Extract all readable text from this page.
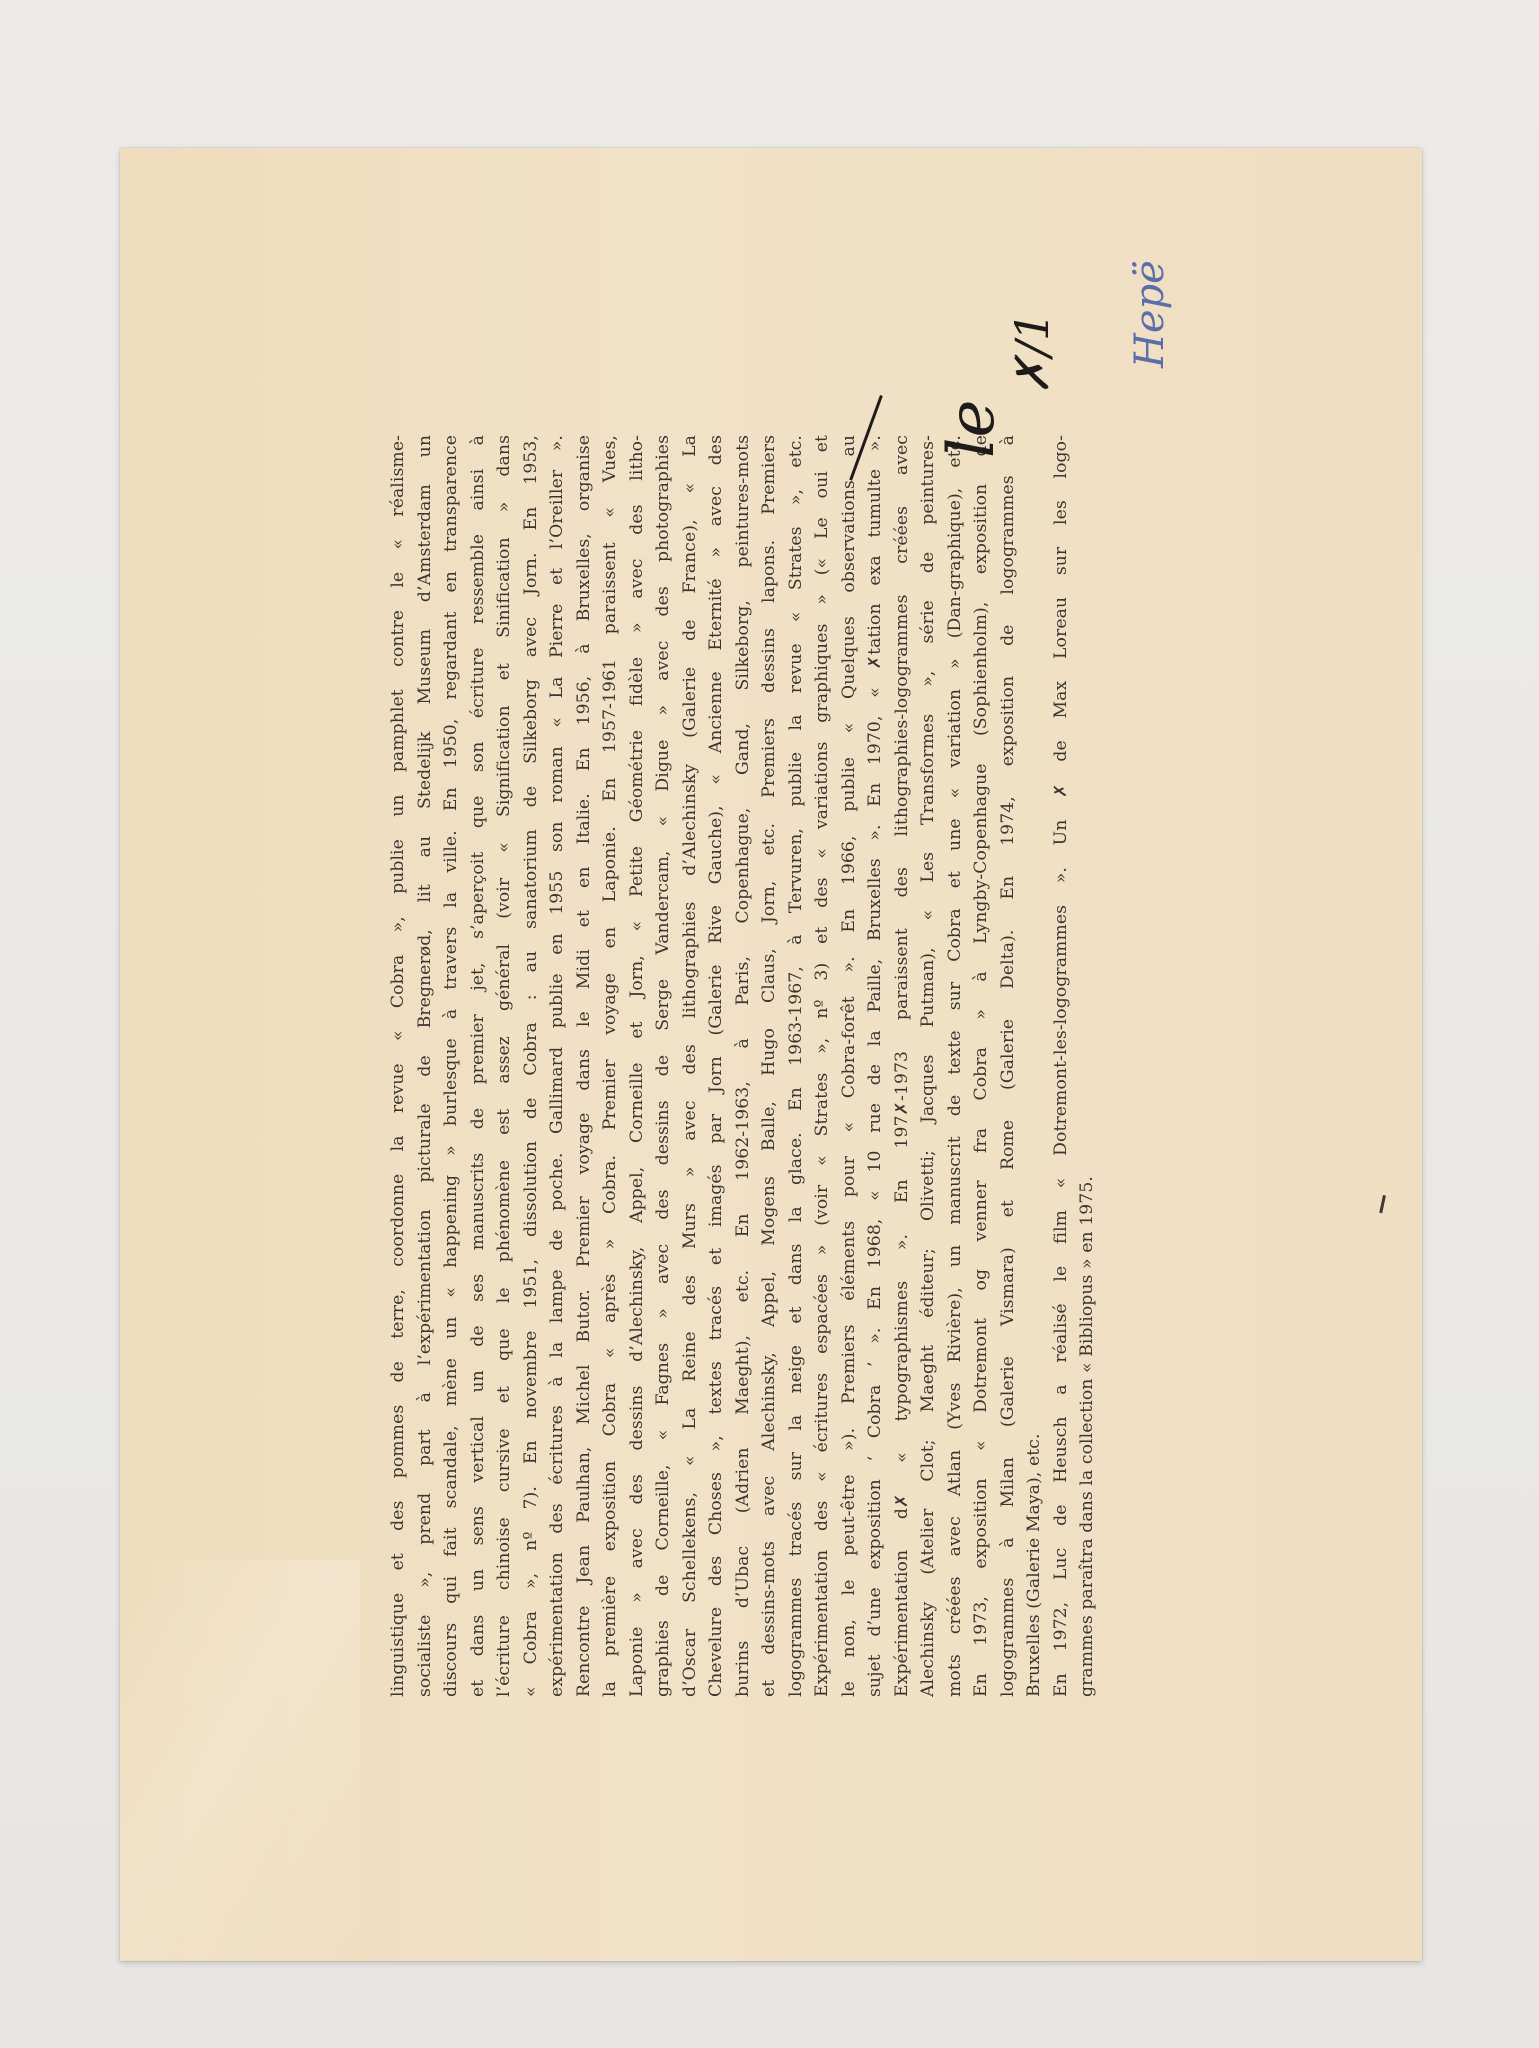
linguistique et des pommes de terre, coordonne la revue « Cobra », publie un pamphlet contre le « réalisme- socialiste », prend part à l’expérimentation picturale de Bregnerød, lit au Stedelijk Museum d’Amsterdam un discours qui fait scandale, mène un « happening » burlesque à travers la ville. En 1950, regardant en transparence et dans un sens vertical un de ses manuscrits de premier jet, s’aperçoit que son écriture ressemble ainsi à l’écriture chinoise cursive et que le phénomène est assez général (voir « Signification et Sinification » dans « Cobra », nº 7). En novembre 1951, dissolution de Cobra : au sanatorium de Silkeborg avec Jorn. En 1953, expérimentation des écritures à la lampe de poche. Gallimard publie en 1955 son roman « La Pierre et l’Oreiller ». Rencontre Jean Paulhan, Michel Butor. Premier voyage dans le Midi et en Italie. En 1956, à Bruxelles, organise la première exposition Cobra « après » Cobra. Premier voyage en Laponie. En 1957-1961 paraissent « Vues, Laponie » avec des dessins d’Alechinsky, Appel, Corneille et Jorn, « Petite Géométrie fidèle » avec des litho- graphies de Corneille, « Fagnes » avec des dessins de Serge Vandercam, « Digue » avec des photographies d’Oscar Schellekens, « La Reine des Murs » avec des lithographies d’Alechinsky (Galerie de France), « La Chevelure des Choses », textes tracés et imagés par Jorn (Galerie Rive Gauche), « Ancienne Eternité » avec des burins d’Ubac (Adrien Maeght), etc. En 1962-1963, à Paris, Copenhague, Gand, Silkeborg, peintures-mots et dessins-mots avec Alechinsky, Appel, Mogens Balle, Hugo Claus, Jorn, etc. Premiers dessins lapons. Premiers logogrammes tracés sur la neige et dans la glace. En 1963-1967, à Tervuren, publie la revue « Strates », etc. Expérimentation des « écritures espacées » (voir « Strates », nº 3) et des « variations graphiques » (« Le oui et le non, le peut-être »). Premiers éléments pour « Cobra-forêt ». En 1966, publie « Quelques observations au sujet d’une exposition ‘ Cobra ’ ». En 1968, « 10 rue de la Paille, Bruxelles ». En 1970, « ✗tation exa tumulte ». Expérimentation d✗ « typographismes ». En 197✗-1973 paraissent des lithographies-logogrammes créées avec Alechinsky (Atelier Clot; Maeght éditeur; Olivetti; Jacques Putman), « Les Transformes », série de peintures- mots créées avec Atlan (Yves Rivière), un manuscrit de texte sur Cobra et une « variation » (Dan-graphique), etc. En 1973, exposition « Dotremont og venner fra Cobra » à Lyngby-Copenhague (Sophienholm), exposition de logogrammes à Milan (Galerie Vismara) et Rome (Galerie Delta). En 1974, exposition de logogrammes à Bruxelles (Galerie Maya), etc. En 1972, Luc de Heusch a réalisé le film « Dotremont-les-logogrammes ». Un ✗ de Max Loreau sur les logo- grammes paraîtra dans la collection « Bibliopus » en 1975.
le
✗/1 Hepë
